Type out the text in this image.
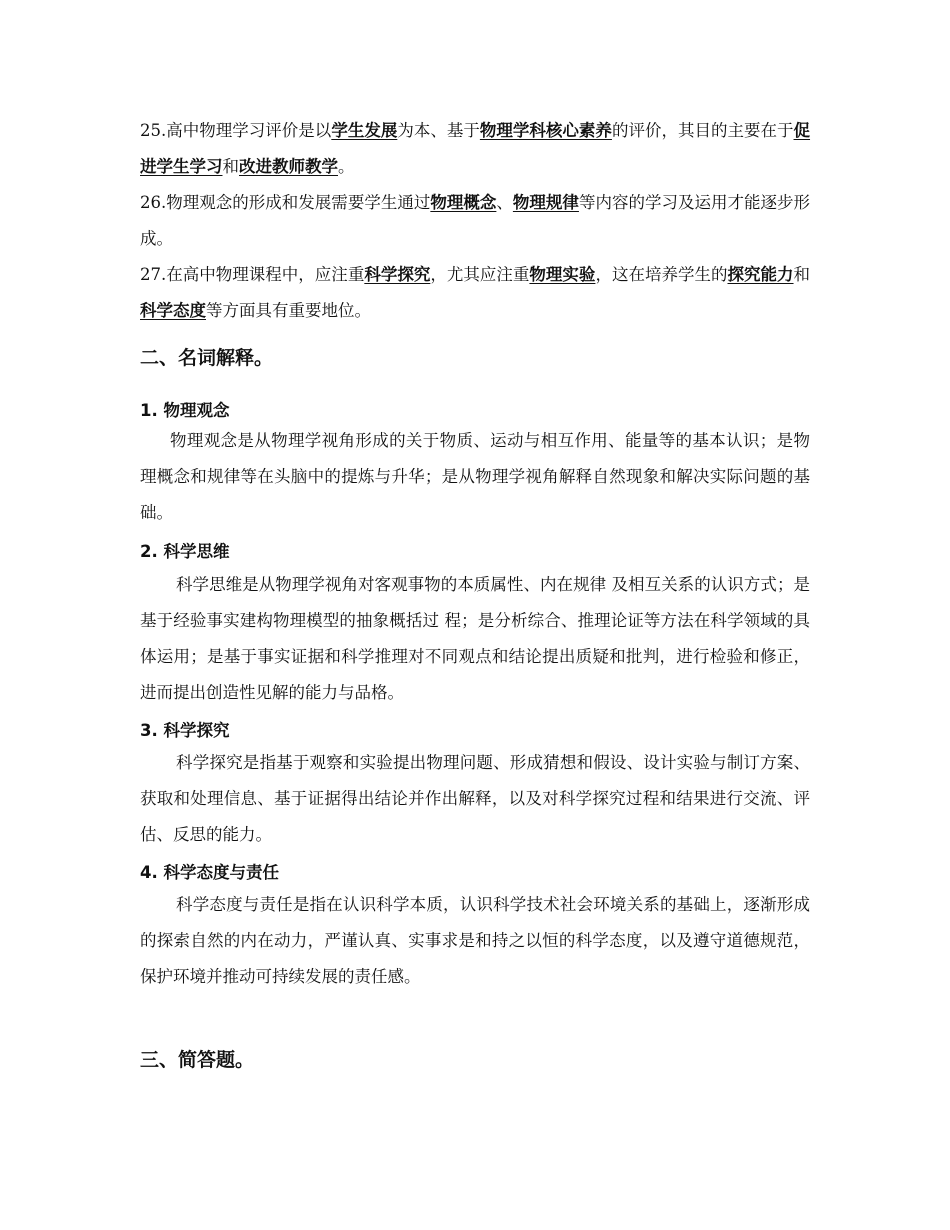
25.高中物理学习评价是以学生发展为本、基于物理学科核心素养的评价，其目的主要在于促进学生学习和改进教师教学。

26.物理观念的形成和发展需要学生通过物理概念、物理规律等内容的学习及运用才能逐步形成。

27.在高中物理课程中，应注重科学探究，尤其应注重物理实验，这在培养学生的探究能力和科学态度等方面具有重要地位。

二、名词解释。
1. 物理观念

物理观念是从物理学视角形成的关于物质、运动与相互作用、能量等的基本认识；是物理概念和规律等在头脑中的提炼与升华；是从物理学视角解释自然现象和解决实际问题的基础。

2. 科学思维

科学思维是从物理学视角对客观事物的本质属性、内在规律 及相互关系的认识方式；是基于经验事实建构物理模型的抽象概括过 程；是分析综合、推理论证等方法在科学领域的具体运用；是基于事实证据和科学推理对不同观点和结论提出质疑和批判，进行检验和修正，进而提出创造性见解的能力与品格。

3. 科学探究

科学探究是指基于观察和实验提出物理问题、形成猜想和假设、设计实验与制订方案、获取和处理信息、基于证据得出结论并作出解释，以及对科学探究过程和结果进行交流、评估、反思的能力。

4. 科学态度与责任

科学态度与责任是指在认识科学本质，认识科学技术社会环境关系的基础上，逐渐形成的探索自然的内在动力，严谨认真、实事求是和持之以恒的科学态度，以及遵守道德规范，保护环境并推动可持续发展的责任感。

三、简答题。
